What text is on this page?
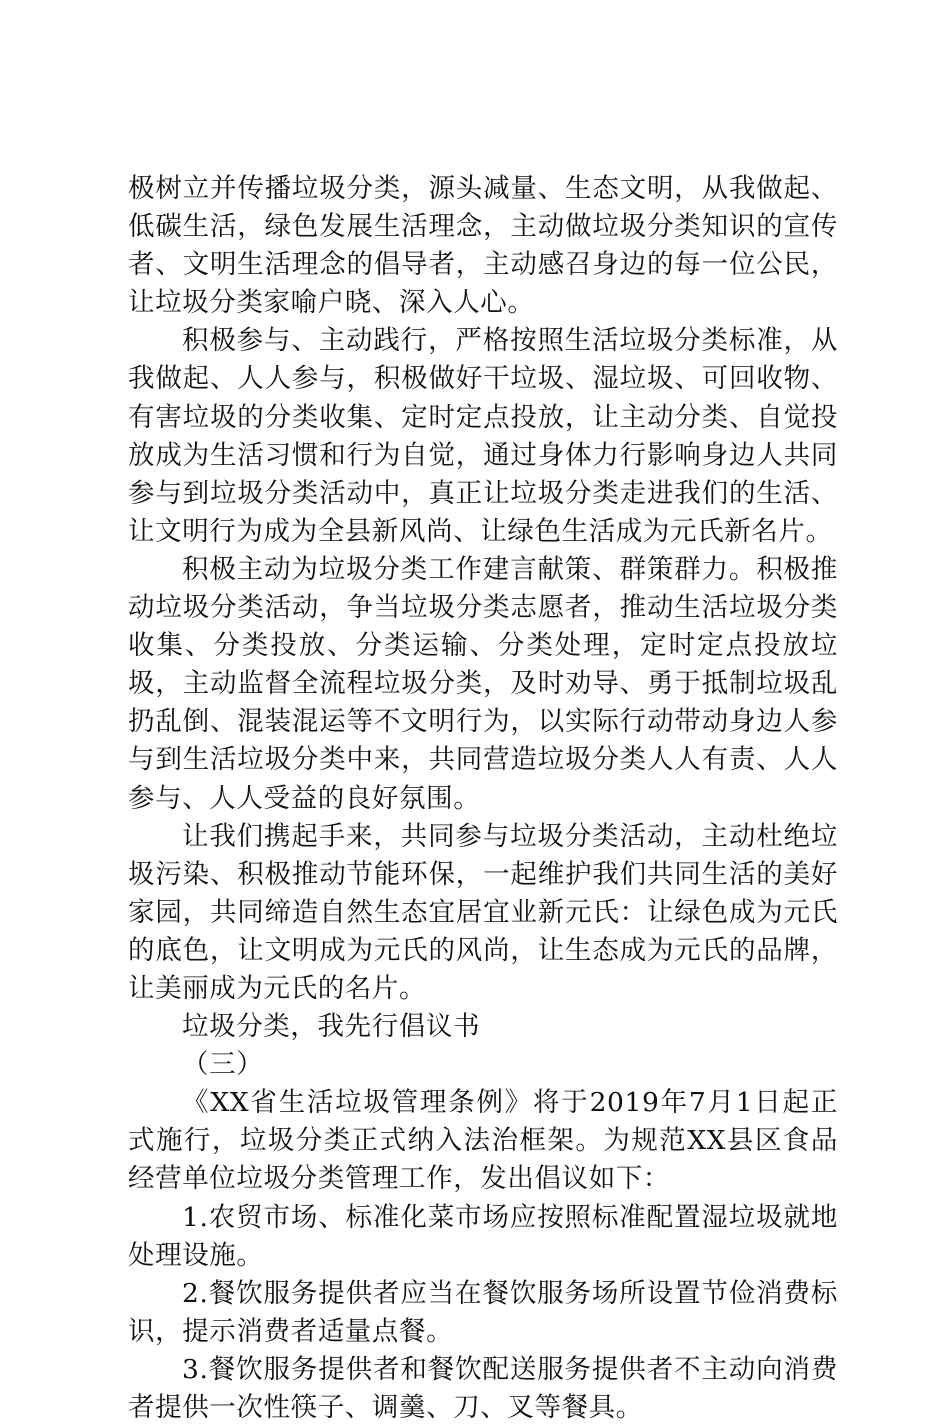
极树立并传播垃圾分类，源头减量、生态文明，从我做起、低碳生活，绿色发展生活理念，主动做垃圾分类知识的宣传者、文明生活理念的倡导者，主动感召身边的每一位公民，让垃圾分类家喻户晓、深入人心。

积极参与、主动践行，严格按照生活垃圾分类标准，从我做起、人人参与，积极做好干垃圾、湿垃圾、可回收物、有害垃圾的分类收集、定时定点投放，让主动分类、自觉投放成为生活习惯和行为自觉，通过身体力行影响身边人共同参与到垃圾分类活动中，真正让垃圾分类走进我们的生活、让文明行为成为全县新风尚、让绿色生活成为元氏新名片。

积极主动为垃圾分类工作建言献策、群策群力。积极推动垃圾分类活动，争当垃圾分类志愿者，推动生活垃圾分类收集、分类投放、分类运输、分类处理，定时定点投放垃圾，主动监督全流程垃圾分类，及时劝导、勇于抵制垃圾乱扔乱倒、混装混运等不文明行为，以实际行动带动身边人参与到生活垃圾分类中来，共同营造垃圾分类人人有责、人人参与、人人受益的良好氛围。

让我们携起手来，共同参与垃圾分类活动，主动杜绝垃圾污染、积极推动节能环保，一起维护我们共同生活的美好家园，共同缔造自然生态宜居宜业新元氏：让绿色成为元氏的底色，让文明成为元氏的风尚，让生态成为元氏的品牌，让美丽成为元氏的名片。

垃圾分类，我先行倡议书

（三）

《XX省生活垃圾管理条例》将于2019年7月1日起正式施行，垃圾分类正式纳入法治框架。为规范XX县区食品经营单位垃圾分类管理工作，发出倡议如下：

1.农贸市场、标准化菜市场应按照标准配置湿垃圾就地处理设施。

2.餐饮服务提供者应当在餐饮服务场所设置节俭消费标识，提示消费者适量点餐。

3.餐饮服务提供者和餐饮配送服务提供者不主动向消费者提供一次性筷子、调羹、刀、叉等餐具。
